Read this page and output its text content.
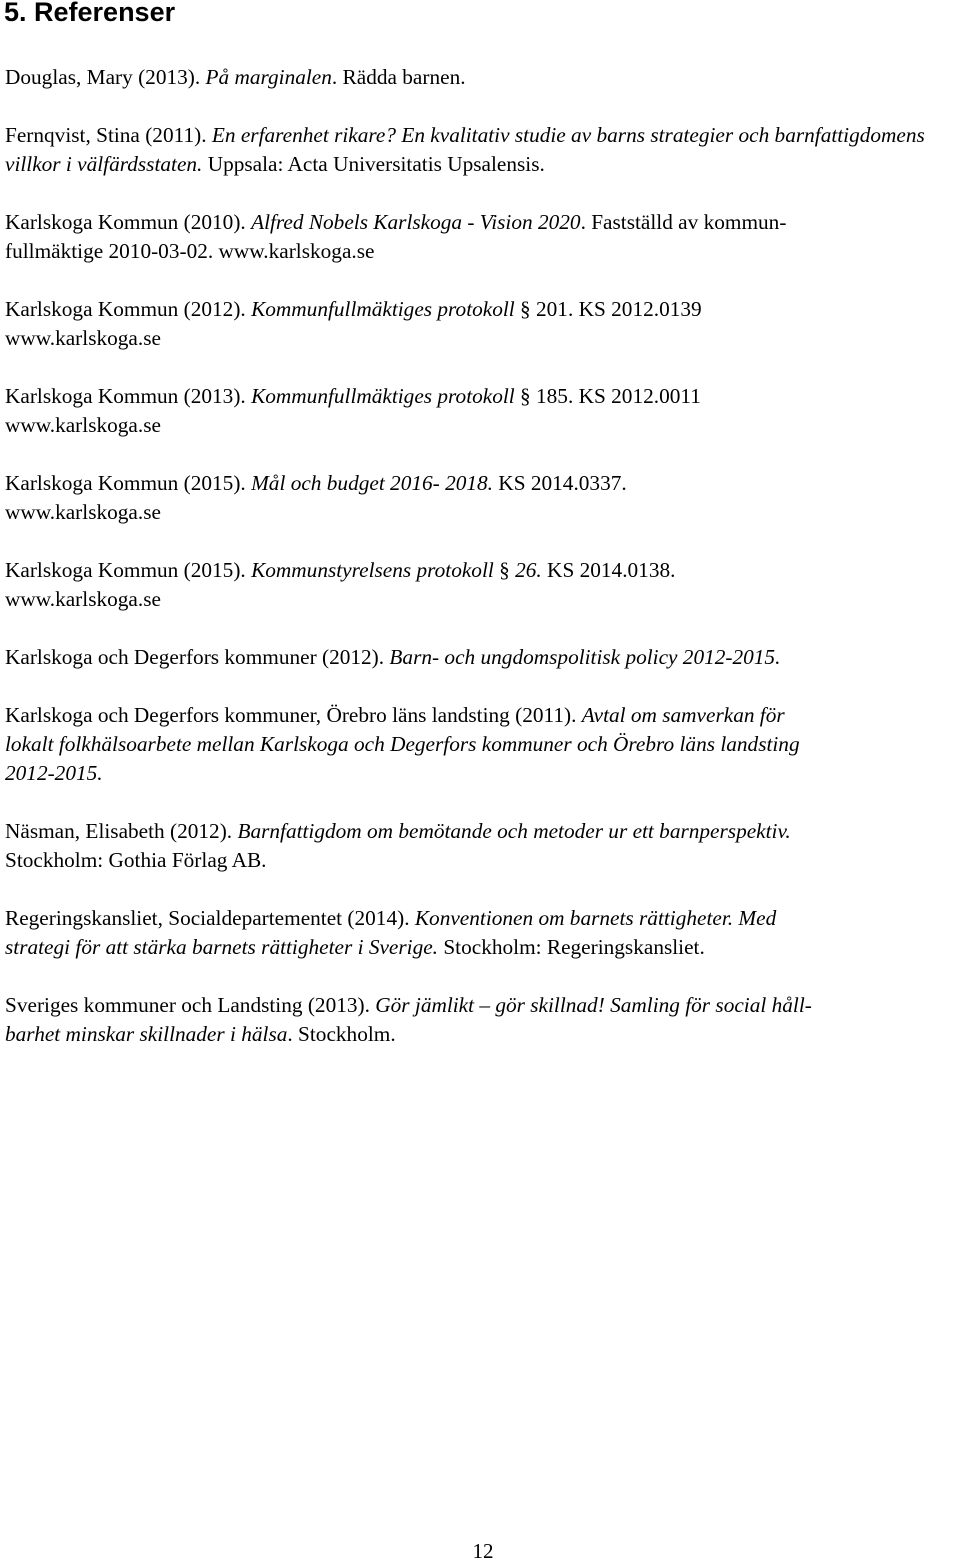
5. Referenser

Douglas, Mary (2013). På marginalen. Rädda barnen.

Fernqvist, Stina (2011). En erfarenhet rikare? En kvalitativ studie av barns strategier och barnfattigdomens villkor i välfärdsstaten. Uppsala: Acta Universitatis Upsalensis.

Karlskoga Kommun (2010). Alfred Nobels Karlskoga - Vision 2020. Fastställd av kommun-
fullmäktige 2010-03-02. www.karlskoga.se

Karlskoga Kommun (2012). Kommunfullmäktiges protokoll § 201. KS 2012.0139
www.karlskoga.se

Karlskoga Kommun (2013). Kommunfullmäktiges protokoll § 185. KS 2012.0011
www.karlskoga.se

Karlskoga Kommun (2015). Mål och budget 2016- 2018. KS 2014.0337.
www.karlskoga.se

Karlskoga Kommun (2015). Kommunstyrelsens protokoll § 26. KS 2014.0138.
www.karlskoga.se

Karlskoga och Degerfors kommuner (2012). Barn- och ungdomspolitisk policy 2012-2015.

Karlskoga och Degerfors kommuner, Örebro läns landsting (2011). Avtal om samverkan för
lokalt folkhälsoarbete mellan Karlskoga och Degerfors kommuner och Örebro läns landsting
2012-2015.

Näsman, Elisabeth (2012). Barnfattigdom om bemötande och metoder ur ett barnperspektiv.
Stockholm: Gothia Förlag AB.

Regeringskansliet, Socialdepartementet (2014). Konventionen om barnets rättigheter. Med
strategi för att stärka barnets rättigheter i Sverige. Stockholm: Regeringskansliet.

Sveriges kommuner och Landsting (2013). Gör jämlikt – gör skillnad! Samling för social håll-
barhet minskar skillnader i hälsa. Stockholm.

12
